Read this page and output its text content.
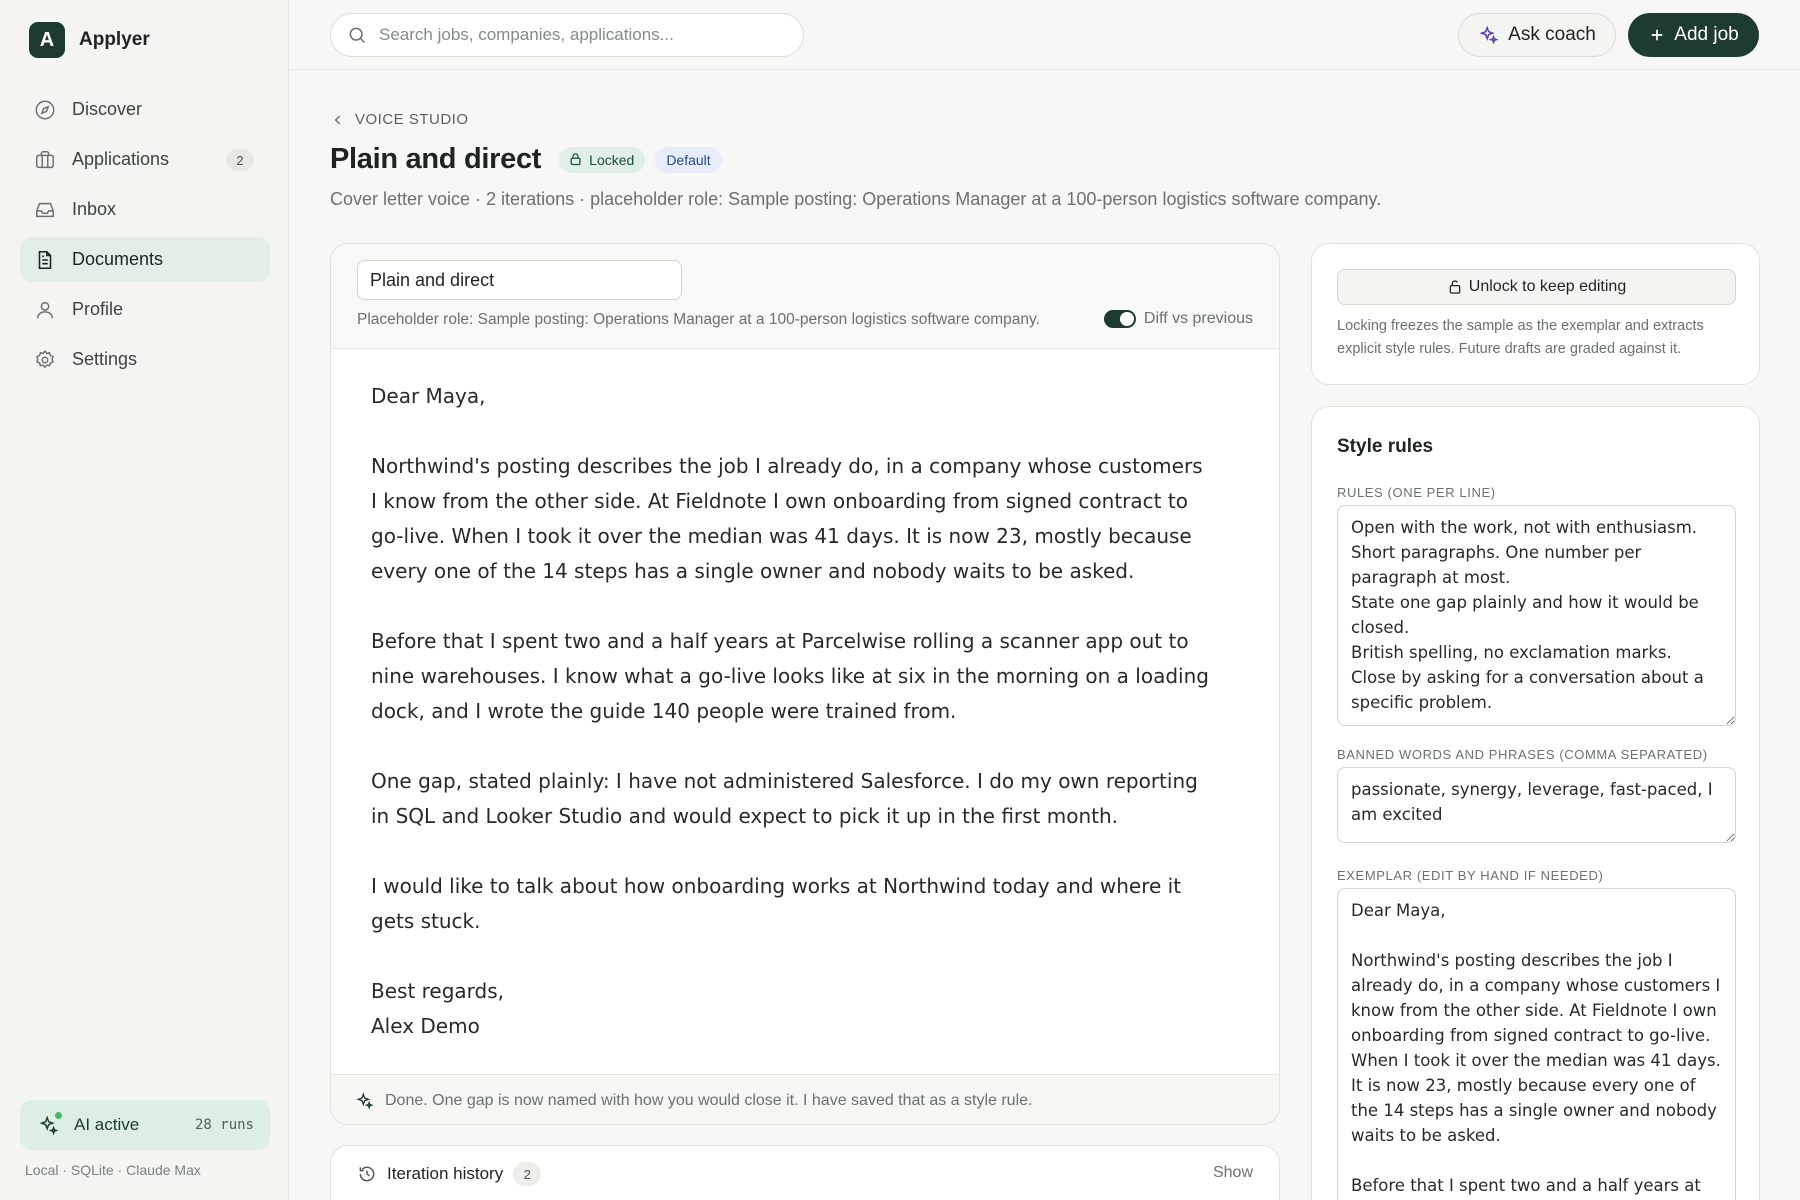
A	Applyer
Discover
Applications	2
Inbox
Documents
Profile
Settings
AI active	28 runs
Local · SQLite · Claude Max
Search jobs, companies, applications...
Ask coach	Add job
VOICE STUDIO
Plain and direct	Locked	Default
Cover letter voice · 2 iterations · placeholder role: Sample posting: Operations Manager at a 100-person logistics software company.
Plain and direct
Placeholder role: Sample posting: Operations Manager at a 100-person logistics software company.	Diff vs previous

Dear Maya,

Northwind's posting describes the job I already do, in a company whose customers I know from the other side. At Fieldnote I own onboarding from signed contract to go-live. When I took it over the median was 41 days. It is now 23, mostly because every one of the 14 steps has a single owner and nobody waits to be asked.

Before that I spent two and a half years at Parcelwise rolling a scanner app out to nine warehouses. I know what a go-live looks like at six in the morning on a loading dock, and I wrote the guide 140 people were trained from.

One gap, stated plainly: I have not administered Salesforce. I do my own reporting in SQL and Looker Studio and would expect to pick it up in the first month.

I would like to talk about how onboarding works at Northwind today and where it gets stuck.

Best regards,

Alex Demo

Done. One gap is now named with how you would close it. I have saved that as a style rule.
Iteration history	2	Show
Unlock to keep editing
Locking freezes the sample as the exemplar and extracts explicit style rules. Future drafts are graded against it.
Style rules
RULES (ONE PER LINE)
Open with the work, not with enthusiasm. Short paragraphs. One number per paragraph at most. State one gap plainly and how it would be closed. British spelling, no exclamation marks. Close by asking for a conversation about a specific problem.
BANNED WORDS AND PHRASES (COMMA SEPARATED)
passionate, synergy, leverage, fast-paced, I am excited
EXEMPLAR (EDIT BY HAND IF NEEDED)
Dear Maya, Northwind's posting describes the job I already do, in a company whose customers I know from the other side. At Fieldnote I own onboarding from signed contract to go-live. When I took it over the median was 41 days. It is now 23, mostly because every one of the 14 steps has a single owner and nobody waits to be asked. Before that I spent two and a half years at Parcelwise rolling a scanner app out to nine warehouses.
